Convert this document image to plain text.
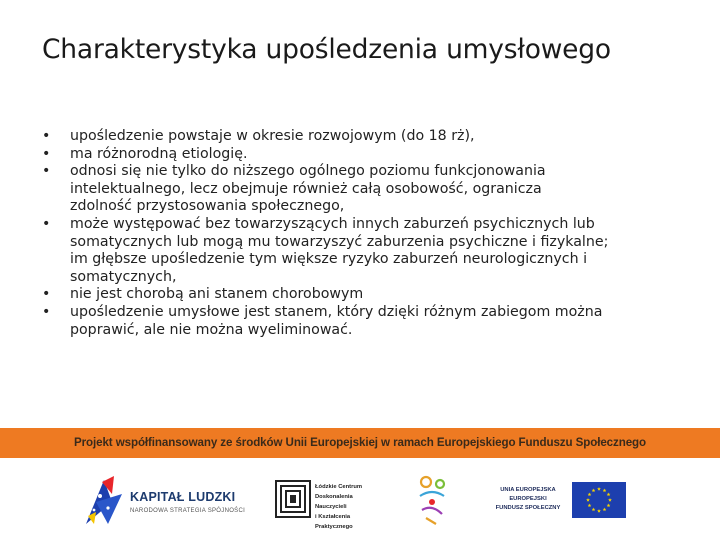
Charakterystyka upośledzenia umysłowego
•	upośledzenie powstaje w okresie rozwojowym (do 18 rż),
•	ma różnorodną etiologię.
•	odnosi się nie tylko do niższego ogólnego poziomu funkcjonowania
intelektualnego, lecz obejmuje również całą osobowość, ogranicza
zdolność przystosowania społecznego,
•	może występować bez towarzyszących innych zaburzeń psychicznych lub
somatycznych lub mogą mu towarzyszyć zaburzenia psychiczne i fizykalne;
im głębsze upośledzenie tym większe ryzyko zaburzeń neurologicznych i
somatycznych,
•	nie jest chorobą ani stanem chorobowym
•	upośledzenie umysłowe jest stanem, który dzięki różnym zabiegom można
poprawić, ale nie można wyeliminować.
Projekt współfinansowany ze środków Unii Europejskiej w ramach Europejskiego Funduszu Społecznego
KAPITAŁ LUDZKI
NARODOWA STRATEGIA SPÓJNOŚCI
Łódzkie Centrum
Doskonalenia Nauczycieli
i Kształcenia Praktycznego
UNIA EUROPEJSKA
EUROPEJSKI
FUNDUSZ SPOŁECZNY
